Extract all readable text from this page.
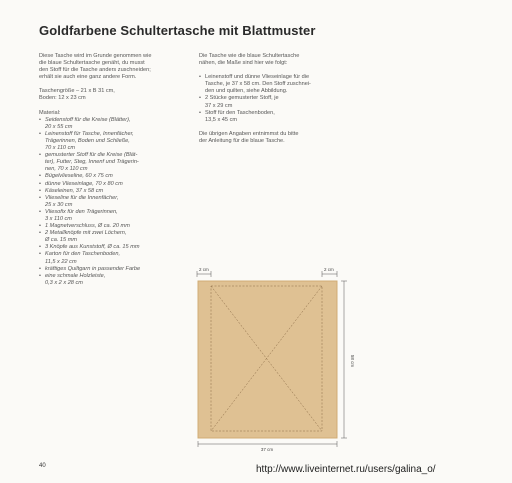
Goldfarbene Schultertasche mit Blattmuster
Diese Tasche wird im Grunde genommen wie
die blaue Schultertasche genäht, du musst
den Stoff für die Tasche anders zuschneiden;
erhält sie auch eine ganz andere Form.
Taschengröße – 21 x B 31 cm,
Boden: 12 x 23 cm
Material:
• Seidenstoff für die Kreise (Blätter),
20 x 55 cm
• Leinenstoff für Tasche, Innenfächer,
Trägerinnen, Boden und Schließe,
70 x 110 cm
• gemusterter Stoff für die Kreise (Blät-
ter), Futter, Steg, Innenf und Trägerin-
nen, 70 x 110 cm
• Bügelvlieseline, 60 x 75 cm
• dünne Vlieseinlage, 70 x 80 cm
• Käseleinen, 37 x 58 cm
• Vlieseline für die Innenfächer,
25 x 30 cm
• Vliesofix für den Trägerinnen,
3 x 110 cm
• 1 Magnetverschluss, Ø ca. 20 mm
• 2 Metallknöpfe mit zwei Löchern,
Ø ca. 15 mm
• 3 Knöpfe aus Kunststoff, Ø ca. 15 mm
• Karton für den Taschenboden,
11,5 x 22 cm
• kräftiges Quiltgarn in passender Farbe
• eine schmale Holzleiste,
0,3 x 2 x 28 cm
Die Tasche wie die blaue Schultertasche
nähen, die Maße sind hier wie folgt:
• Leinenstoff und dünne Vlieseinlage für die
Tasche, je 37 x 58 cm. Den Stoff zuschnei-
den und quilten, siehe Abbildung.
• 2 Stücke gemusterter Stoff, je
37 x 29 cm
• Stoff für den Taschenboden,
13,5 x 45 cm
Die übrigen Angaben entnimmst du bitte
der Anleitung für die blaue Tasche.
2 cm	2 cm
58 cm
37 cm
40	http://www.liveinternet.ru/users/galina_o/
